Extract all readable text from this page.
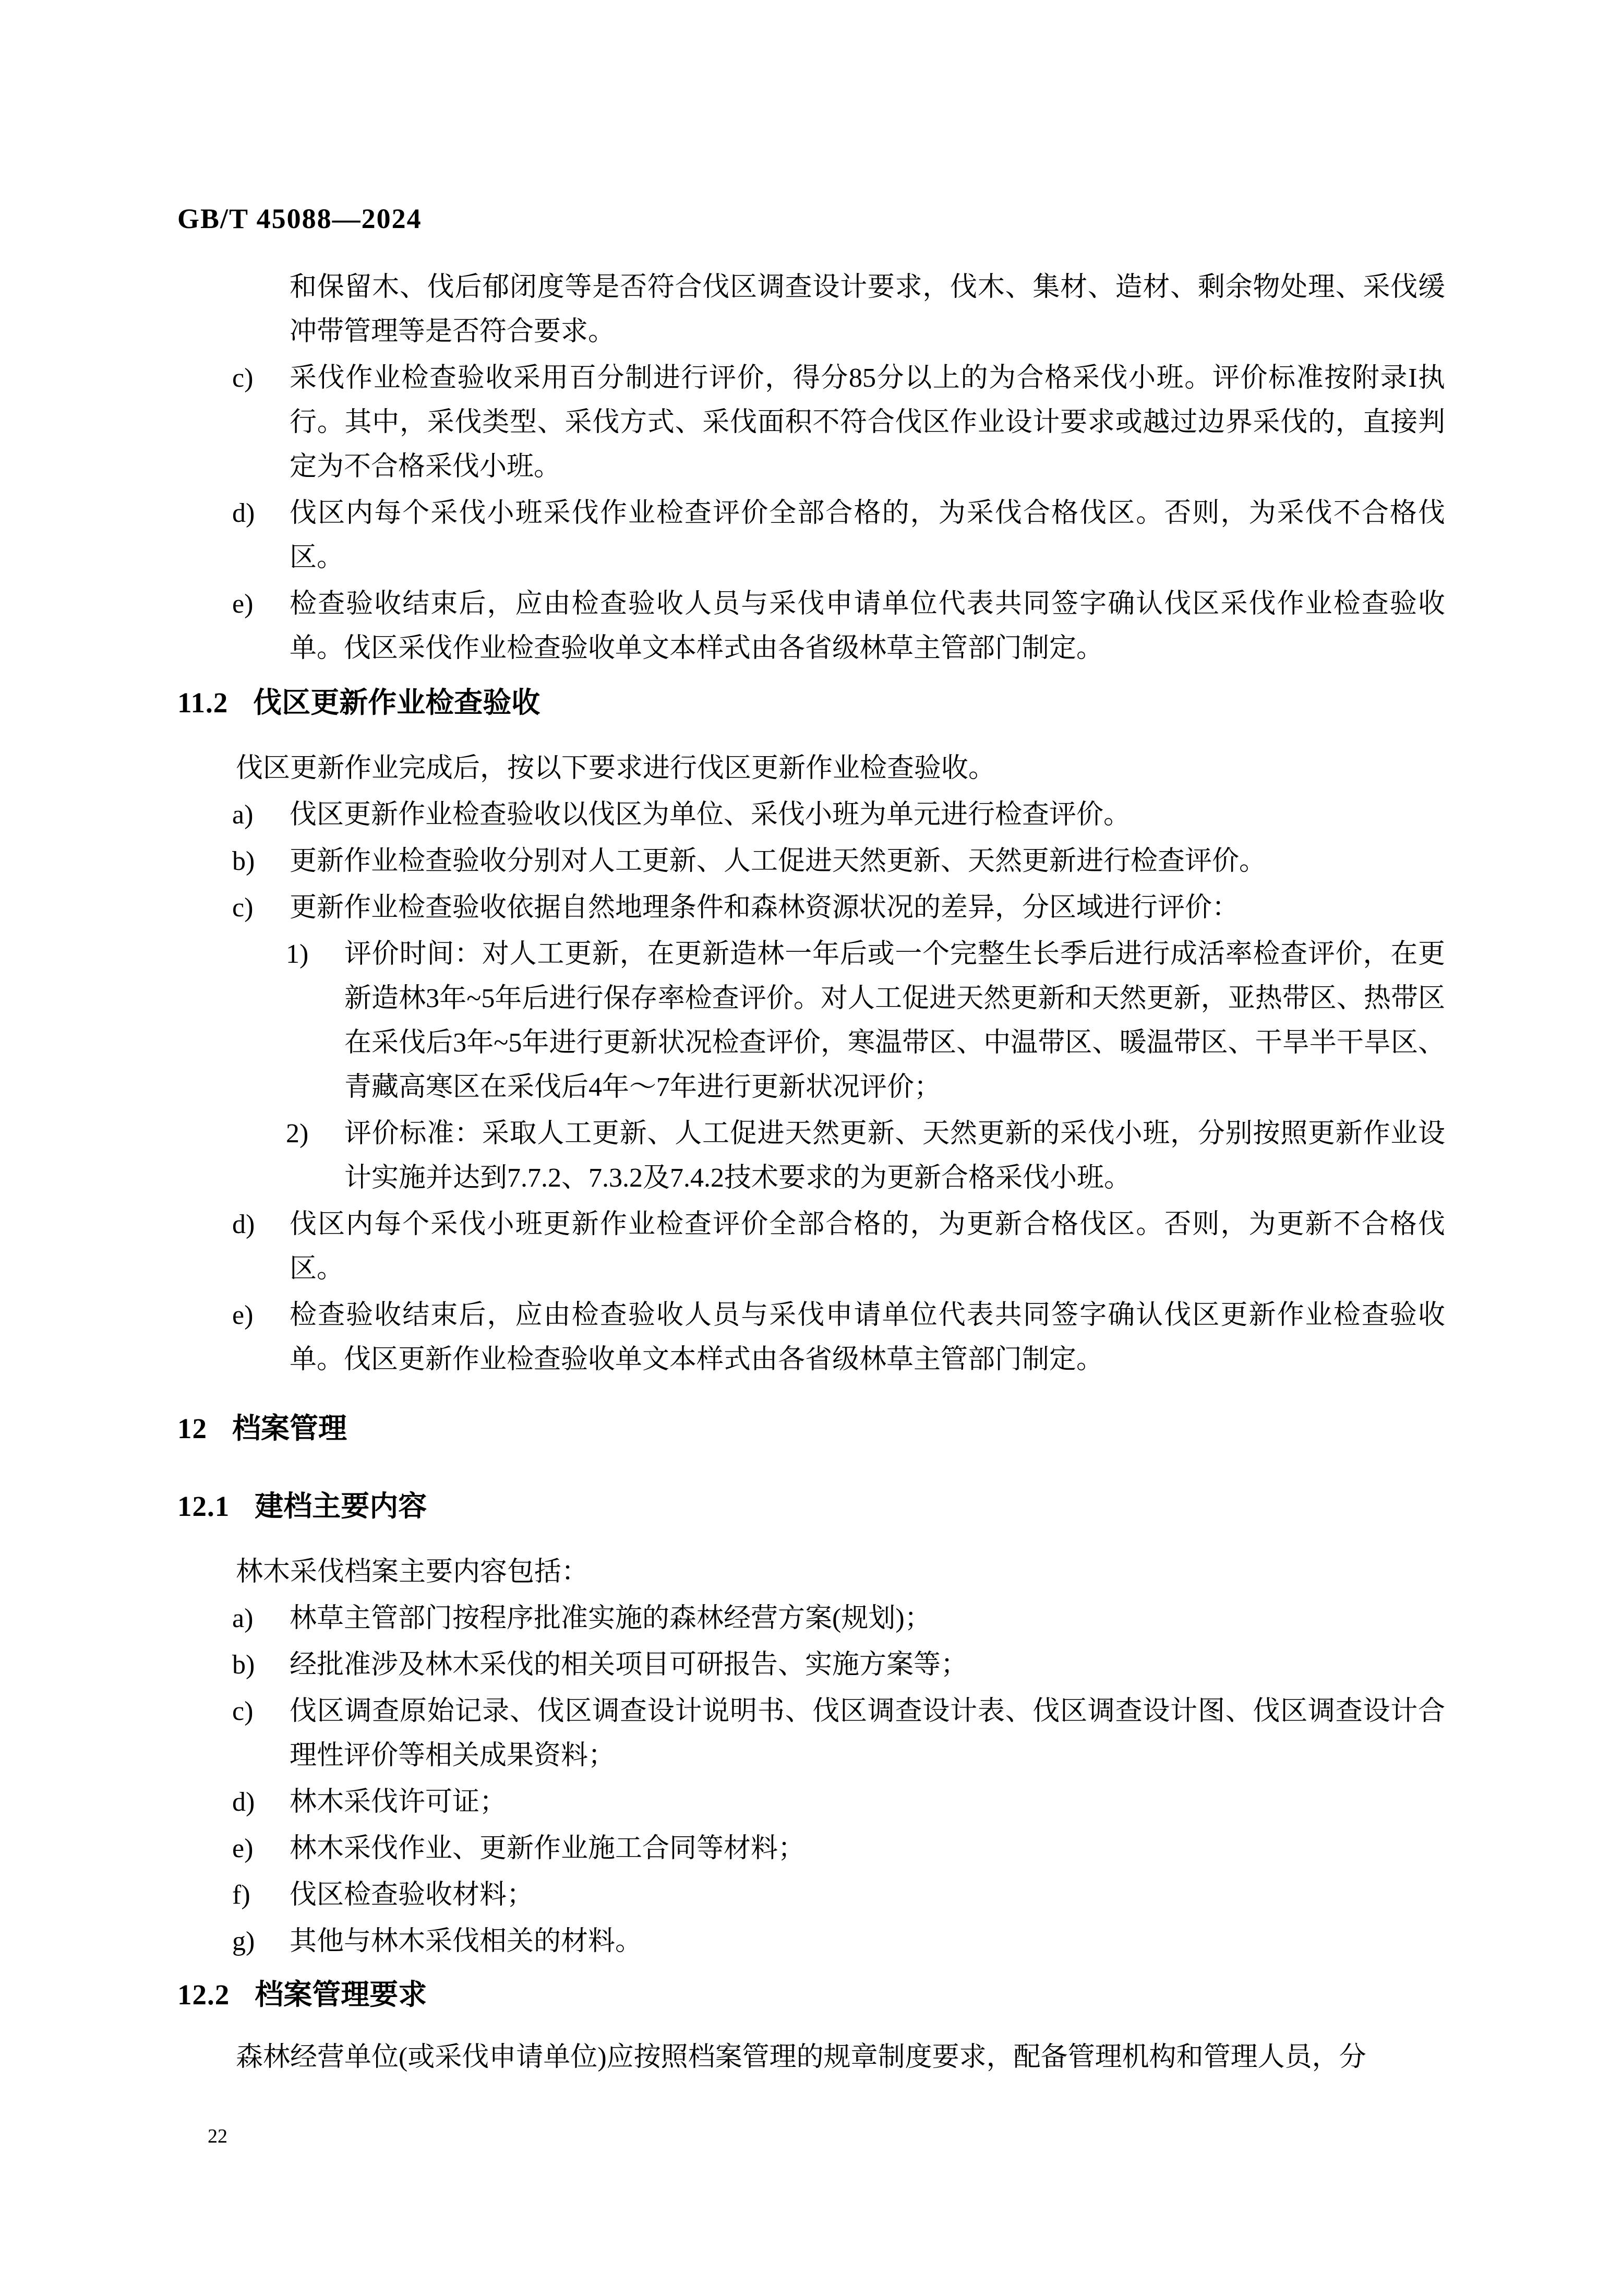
GB/T 45088—2024

和保留木、伐后郁闭度等是否符合伐区调查设计要求，伐木、集材、造材、剩余物处理、采伐缓冲带管理等是否符合要求。

c) 采伐作业检查验收采用百分制进行评价，得分85分以上的为合格采伐小班。评价标准按附录I执行。其中，采伐类型、采伐方式、采伐面积不符合伐区作业设计要求或越过边界采伐的，直接判定为不合格采伐小班。
d) 伐区内每个采伐小班采伐作业检查评价全部合格的，为采伐合格伐区。否则，为采伐不合格伐区。
e) 检查验收结束后，应由检查验收人员与采伐申请单位代表共同签字确认伐区采伐作业检查验收单。伐区采伐作业检查验收单文本样式由各省级林草主管部门制定。
11.2 伐区更新作业检查验收

伐区更新作业完成后，按以下要求进行伐区更新作业检查验收。

a) 伐区更新作业检查验收以伐区为单位、采伐小班为单元进行检查评价。
b) 更新作业检查验收分别对人工更新、人工促进天然更新、天然更新进行检查评价。
c) 更新作业检查验收依据自然地理条件和森林资源状况的差异，分区域进行评价：
1) 评价时间：对人工更新，在更新造林一年后或一个完整生长季后进行成活率检查评价，在更新造林3年~5年后进行保存率检查评价。对人工促进天然更新和天然更新，亚热带区、热带区在采伐后3年~5年进行更新状况检查评价，寒温带区、中温带区、暖温带区、干旱半干旱区、青藏高寒区在采伐后4年～7年进行更新状况评价；
2) 评价标准：采取人工更新、人工促进天然更新、天然更新的采伐小班，分别按照更新作业设计实施并达到7.7.2、7.3.2及7.4.2技术要求的为更新合格采伐小班。
d) 伐区内每个采伐小班更新作业检查评价全部合格的，为更新合格伐区。否则，为更新不合格伐区。
e) 检查验收结束后，应由检查验收人员与采伐申请单位代表共同签字确认伐区更新作业检查验收单。伐区更新作业检查验收单文本样式由各省级林草主管部门制定。
12 档案管理
12.1 建档主要内容

林木采伐档案主要内容包括：

a) 林草主管部门按程序批准实施的森林经营方案(规划)；
b) 经批准涉及林木采伐的相关项目可研报告、实施方案等；
c) 伐区调查原始记录、伐区调查设计说明书、伐区调查设计表、伐区调查设计图、伐区调查设计合理性评价等相关成果资料；
d) 林木采伐许可证；
e) 林木采伐作业、更新作业施工合同等材料；
f) 伐区检查验收材料；
g) 其他与林木采伐相关的材料。
12.2 档案管理要求

森林经营单位(或采伐申请单位)应按照档案管理的规章制度要求，配备管理机构和管理人员，分

22
